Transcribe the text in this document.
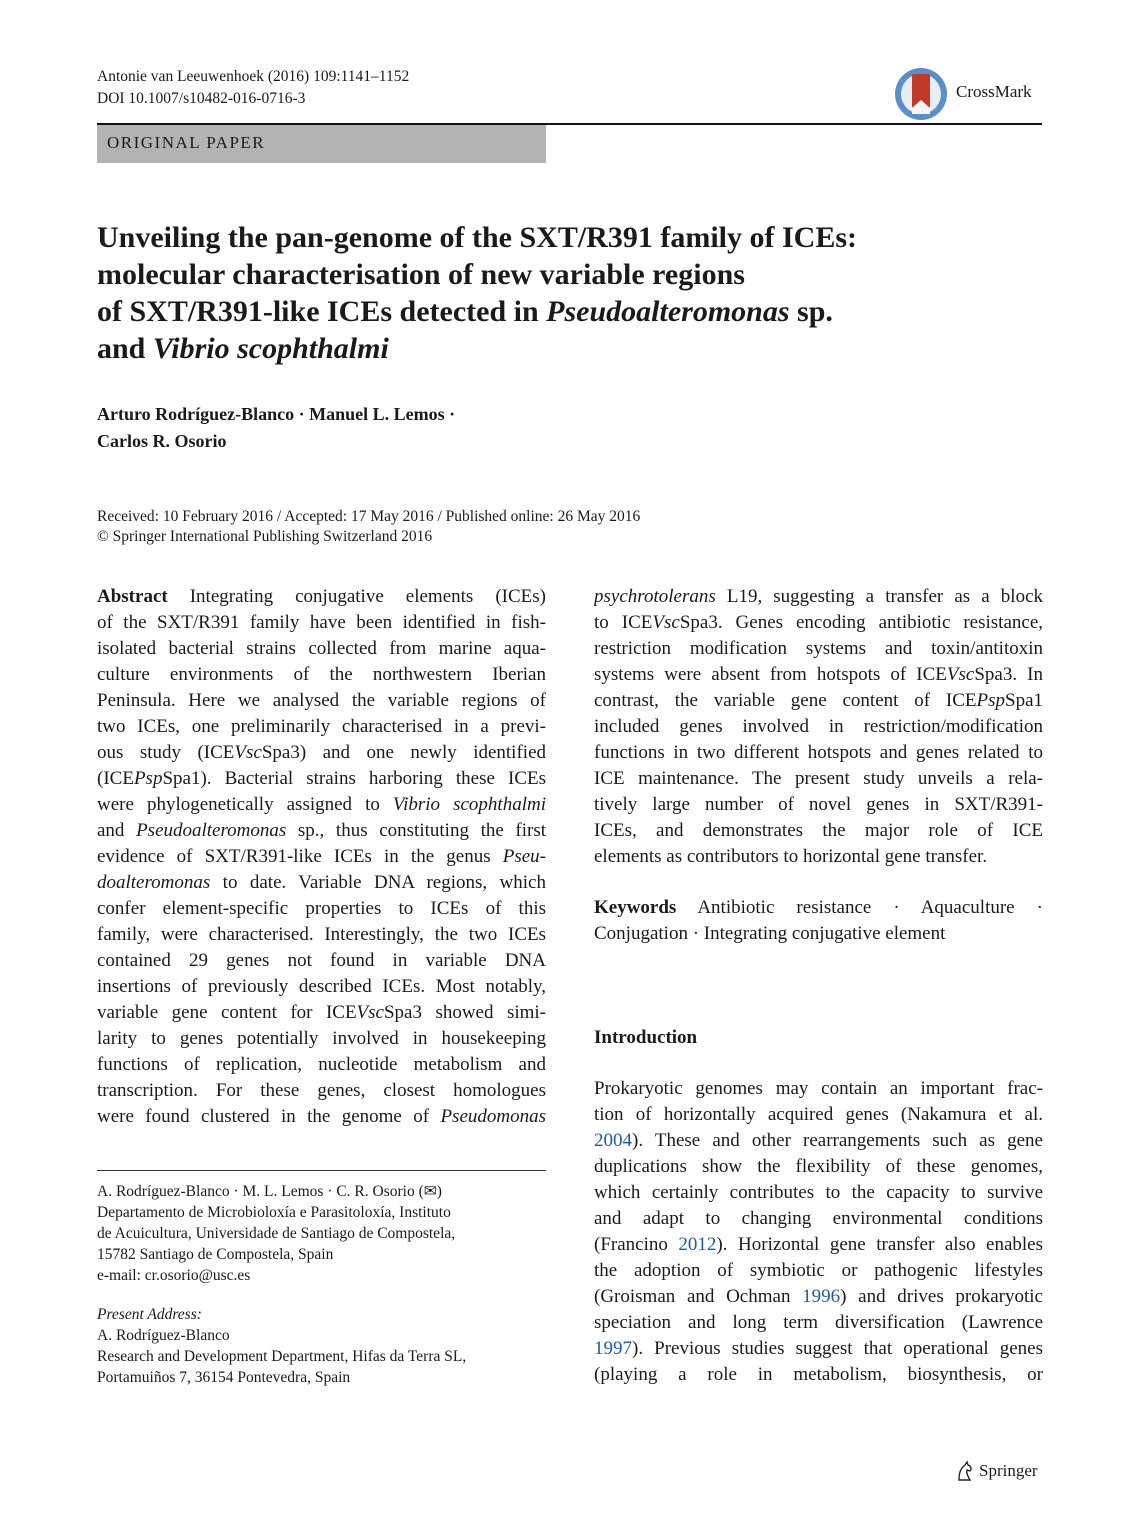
Antonie van Leeuwenhoek (2016) 109:1141–1152
DOI 10.1007/s10482-016-0716-3	CrossMark
ORIGINAL PAPER
Unveiling the pan-genome of the SXT/R391 family of ICEs:
molecular characterisation of new variable regions
of SXT/R391-like ICEs detected in Pseudoalteromonas sp.
and Vibrio scophthalmi
Arturo Rodríguez-Blanco · Manuel L. Lemos ·
Carlos R. Osorio
Received: 10 February 2016 / Accepted: 17 May 2016 / Published online: 26 May 2016
© Springer International Publishing Switzerland 2016
Abstract Integrating conjugative elements (ICEs)
of the SXT/R391 family have been identified in fish-
isolated bacterial strains collected from marine aqua-
culture environments of the northwestern Iberian
Peninsula. Here we analysed the variable regions of
two ICEs, one preliminarily characterised in a previ-
ous study (ICEVscSpa3) and one newly identified
(ICEPspSpa1). Bacterial strains harboring these ICEs
were phylogenetically assigned to Vibrio scophthalmi
and Pseudoalteromonas sp., thus constituting the first
evidence of SXT/R391-like ICEs in the genus Pseu-
doalteromonas to date. Variable DNA regions, which
confer element-specific properties to ICEs of this
family, were characterised. Interestingly, the two ICEs
contained 29 genes not found in variable DNA
insertions of previously described ICEs. Most notably,
variable gene content for ICEVscSpa3 showed simi-
larity to genes potentially involved in housekeeping
functions of replication, nucleotide metabolism and
transcription. For these genes, closest homologues
were found clustered in the genome of Pseudomonas
psychrotolerans L19, suggesting a transfer as a block
to ICEVscSpa3. Genes encoding antibiotic resistance,
restriction modification systems and toxin/antitoxin
systems were absent from hotspots of ICEVscSpa3. In
contrast, the variable gene content of ICEPspSpa1
included genes involved in restriction/modification
functions in two different hotspots and genes related to
ICE maintenance. The present study unveils a rela-
tively large number of novel genes in SXT/R391-
ICEs, and demonstrates the major role of ICE
elements as contributors to horizontal gene transfer.
Keywords Antibiotic resistance · Aquaculture ·
Conjugation · Integrating conjugative element
Introduction
Prokaryotic genomes may contain an important frac-
tion of horizontally acquired genes (Nakamura et al.
2004). These and other rearrangements such as gene
duplications show the flexibility of these genomes,
which certainly contributes to the capacity to survive
and adapt to changing environmental conditions
(Francino 2012). Horizontal gene transfer also enables
the adoption of symbiotic or pathogenic lifestyles
(Groisman and Ochman 1996) and drives prokaryotic
speciation and long term diversification (Lawrence
1997). Previous studies suggest that operational genes
(playing a role in metabolism, biosynthesis, or
A. Rodríguez-Blanco · M. L. Lemos · C. R. Osorio (✉)
Departamento de Microbioloxía e Parasitoloxía, Instituto
de Acuicultura, Universidade de Santiago de Compostela,
15782 Santiago de Compostela, Spain
e-mail: cr.osorio@usc.es
Present Address:
A. Rodríguez-Blanco
Research and Development Department, Hifas da Terra SL,
Portamuiños 7, 36154 Pontevedra, Spain
Springer
